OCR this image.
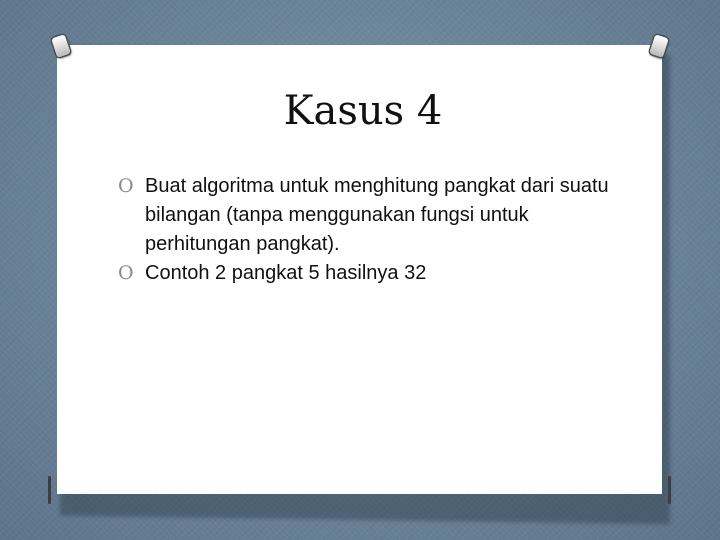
Kasus 4
O Buat algoritma untuk menghitung pangkat dari suatu bilangan (tanpa menggunakan fungsi untuk perhitungan pangkat).
O Contoh 2 pangkat 5 hasilnya 32
